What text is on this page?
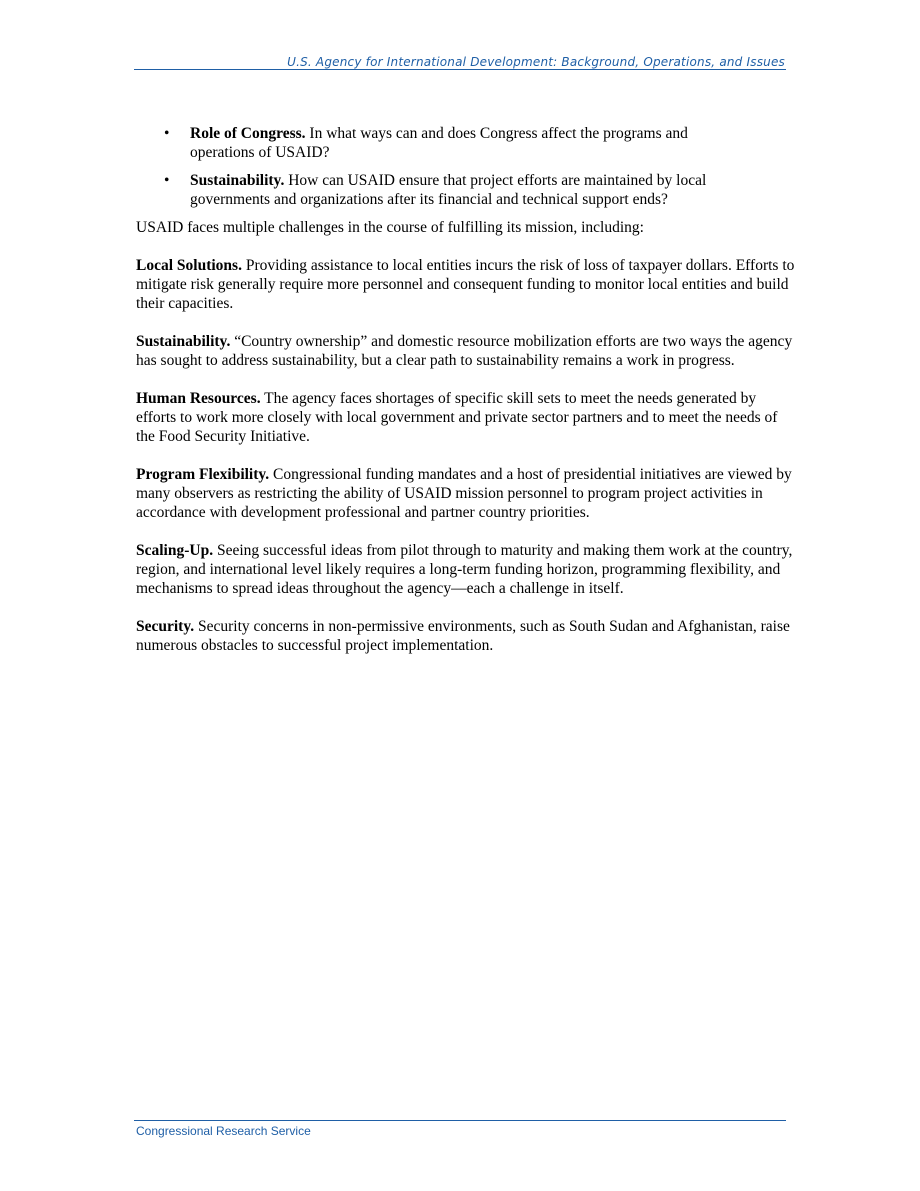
U.S. Agency for International Development: Background, Operations, and Issues
• Role of Congress. In what ways can and does Congress affect the programs and operations of USAID?
• Sustainability. How can USAID ensure that project efforts are maintained by local governments and organizations after its financial and technical support ends?

USAID faces multiple challenges in the course of fulfilling its mission, including:

Local Solutions. Providing assistance to local entities incurs the risk of loss of taxpayer dollars. Efforts to mitigate risk generally require more personnel and consequent funding to monitor local entities and build their capacities.

Sustainability. “Country ownership” and domestic resource mobilization efforts are two ways the agency has sought to address sustainability, but a clear path to sustainability remains a work in progress.

Human Resources. The agency faces shortages of specific skill sets to meet the needs generated by efforts to work more closely with local government and private sector partners and to meet the needs of the Food Security Initiative.

Program Flexibility. Congressional funding mandates and a host of presidential initiatives are viewed by many observers as restricting the ability of USAID mission personnel to program project activities in accordance with development professional and partner country priorities.

Scaling-Up. Seeing successful ideas from pilot through to maturity and making them work at the country, region, and international level likely requires a long-term funding horizon, programming flexibility, and mechanisms to spread ideas throughout the agency—each a challenge in itself.

Security. Security concerns in non-permissive environments, such as South Sudan and Afghanistan, raise numerous obstacles to successful project implementation.

Congressional Research Service
